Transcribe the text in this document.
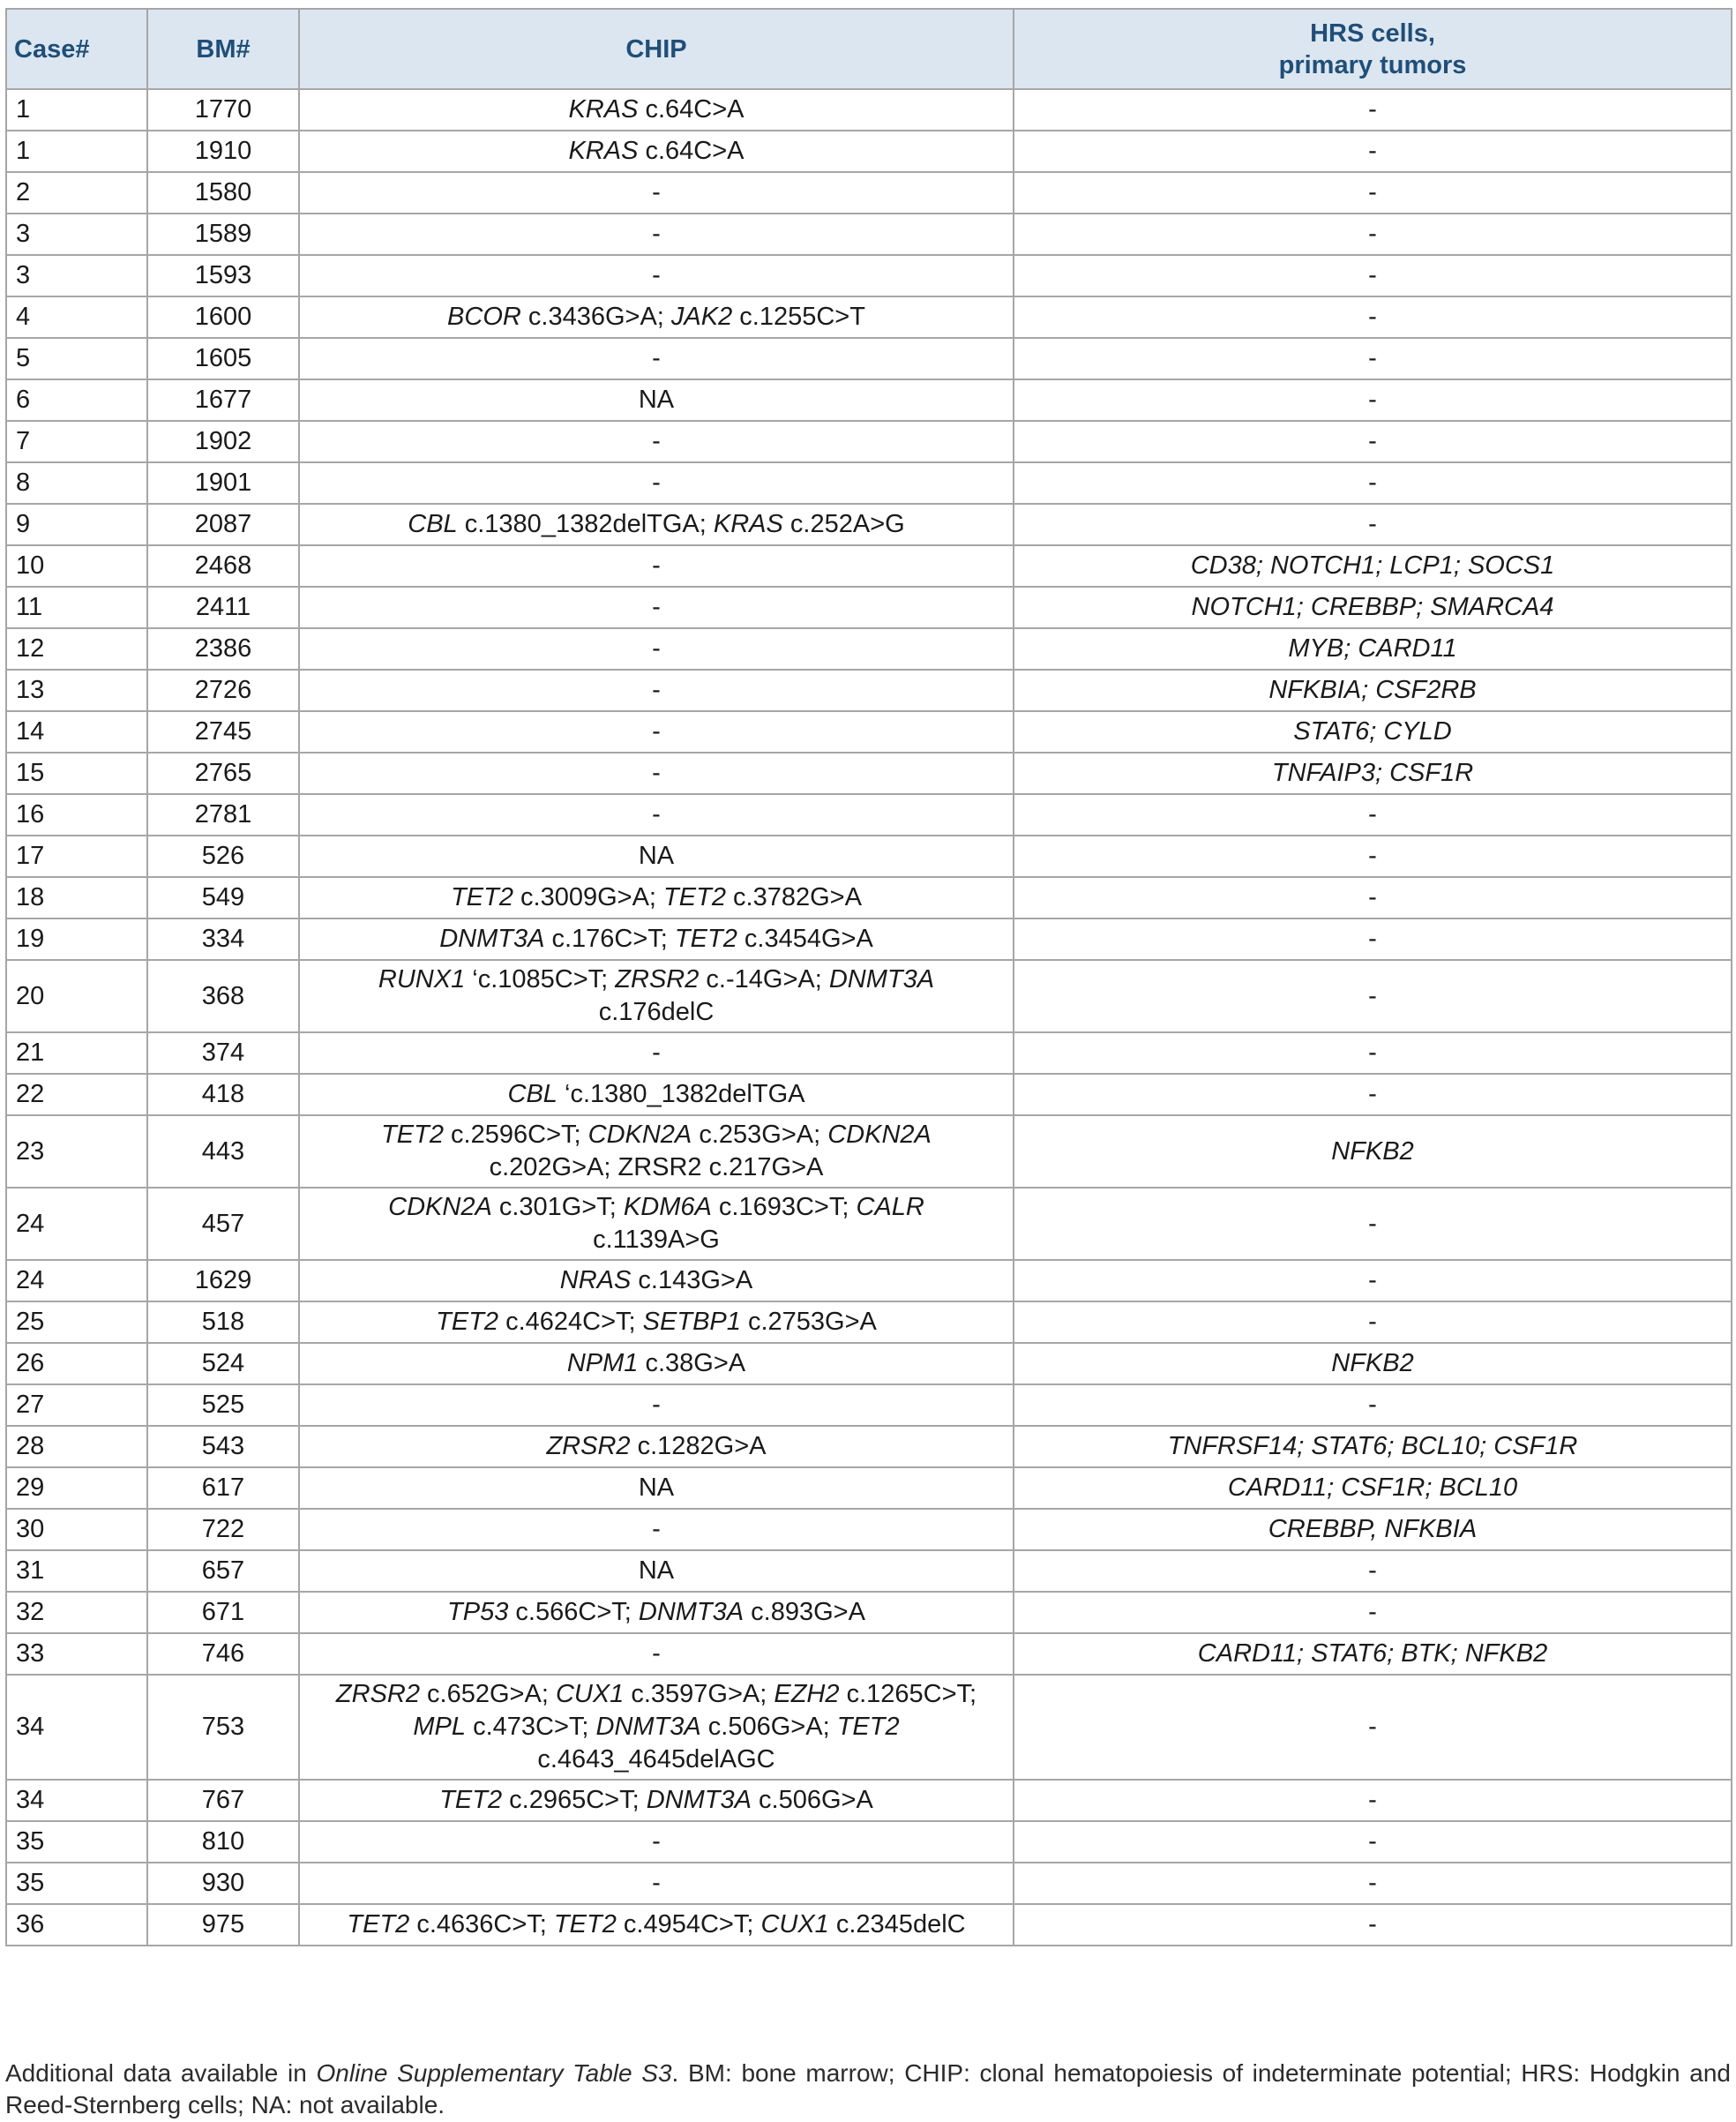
Case#	BM#	CHIP	HRS cells,
primary tumors

1	1770	KRAS c.64C>A	-
1	1910	KRAS c.64C>A	-
2	1580	-	-
3	1589	-	-
3	1593	-	-
4	1600	BCOR c.3436G>A; JAK2 c.1255C>T	-
5	1605	-	-
6	1677	NA	-
7	1902	-	-
8	1901	-	-
9	2087	CBL c.1380_1382delTGA; KRAS c.252A>G	-
10	2468	-	CD38; NOTCH1; LCP1; SOCS1
11	2411	-	NOTCH1; CREBBP; SMARCA4
12	2386	-	MYB; CARD11
13	2726	-	NFKBIA; CSF2RB
14	2745	-	STAT6; CYLD
15	2765	-	TNFAIP3; CSF1R
16	2781	-	-
17	526	NA	-
18	549	TET2 c.3009G>A; TET2 c.3782G>A	-
19	334	DNMT3A c.176C>T; TET2 c.3454G>A	-
20	368	RUNX1 ‘c.1085C>T; ZRSR2 c.-14G>A; DNMT3A
c.176delC	-
21	374	-	-
22	418	CBL ‘c.1380_1382delTGA	-
23	443	TET2 c.2596C>T; CDKN2A c.253G>A; CDKN2A
c.202G>A; ZRSR2 c.217G>A	NFKB2
24	457	CDKN2A c.301G>T; KDM6A c.1693C>T; CALR
c.1139A>G	-
24	1629	NRAS c.143G>A	-
25	518	TET2 c.4624C>T; SETBP1 c.2753G>A	-
26	524	NPM1 c.38G>A	NFKB2
27	525	-	-
28	543	ZRSR2 c.1282G>A	TNFRSF14; STAT6; BCL10; CSF1R
29	617	NA	CARD11; CSF1R; BCL10
30	722	-	CREBBP, NFKBIA
31	657	NA	-
32	671	TP53 c.566C>T; DNMT3A c.893G>A	-
33	746	-	CARD11; STAT6; BTK; NFKB2
34	753	ZRSR2 c.652G>A; CUX1 c.3597G>A; EZH2 c.1265C>T;
MPL c.473C>T; DNMT3A c.506G>A; TET2
c.4643_4645delAGC	-
34	767	TET2 c.2965C>T; DNMT3A c.506G>A	-
35	810	-	-
35	930	-	-
36	975	TET2 c.4636C>T; TET2 c.4954C>T; CUX1 c.2345delC	-
Additional data available in Online Supplementary Table S3. BM: bone marrow; CHIP: clonal hematopoiesis of indeterminate potential; HRS: Hodgkin and Reed-Sternberg cells; NA: not available.
